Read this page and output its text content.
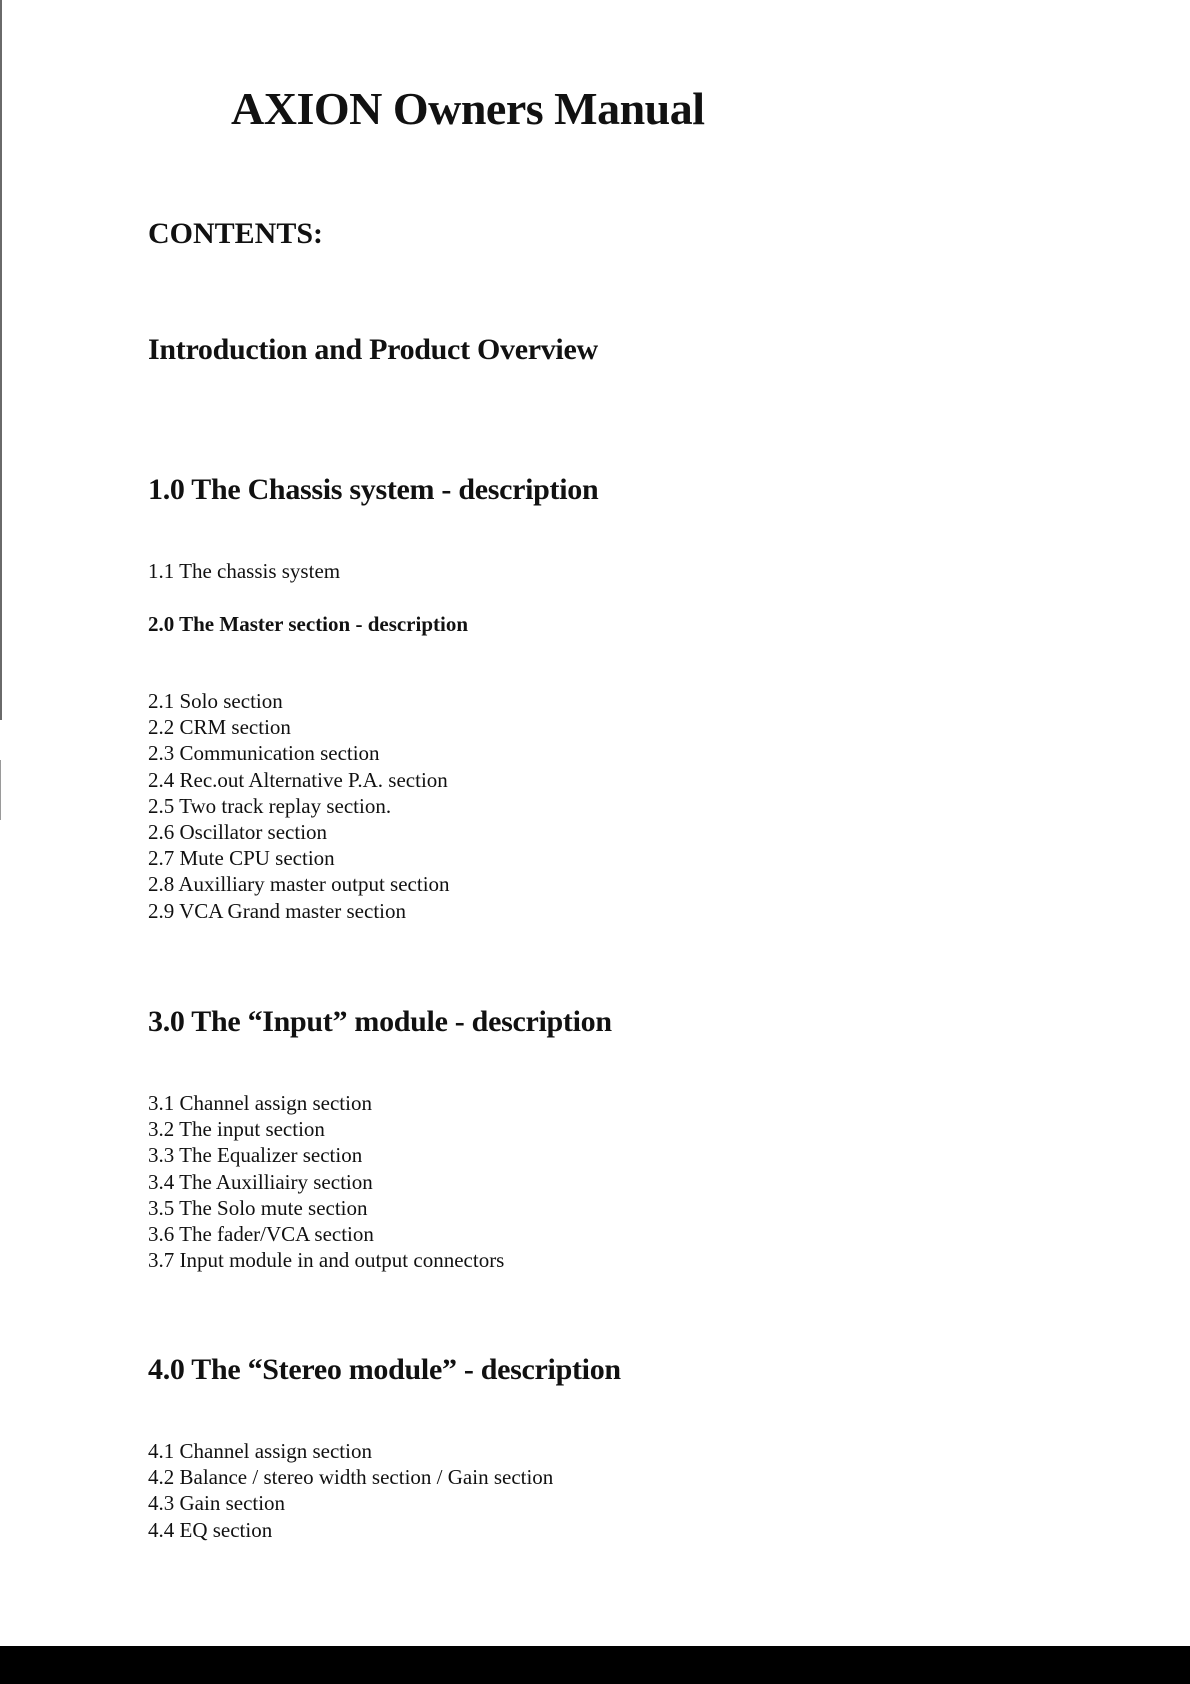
AXION Owners Manual
CONTENTS:
Introduction and Product Overview
1.0 The Chassis system - description
1.1 The chassis system
2.0 The Master section - description
2.1 Solo section
2.2 CRM section
2.3 Communication section
2.4 Rec.out Alternative P.A. section
2.5 Two track replay section.
2.6 Oscillator section
2.7 Mute CPU section
2.8 Auxilliary master output section
2.9 VCA Grand master section
3.0 The “Input” module - description
3.1 Channel assign section
3.2 The input section
3.3 The Equalizer section
3.4 The Auxilliairy section
3.5 The Solo mute section
3.6 The fader/VCA section
3.7 Input module in and output connectors
4.0 The “Stereo module” - description
4.1 Channel assign section
4.2 Balance / stereo width section / Gain section
4.3 Gain section
4.4 EQ section
